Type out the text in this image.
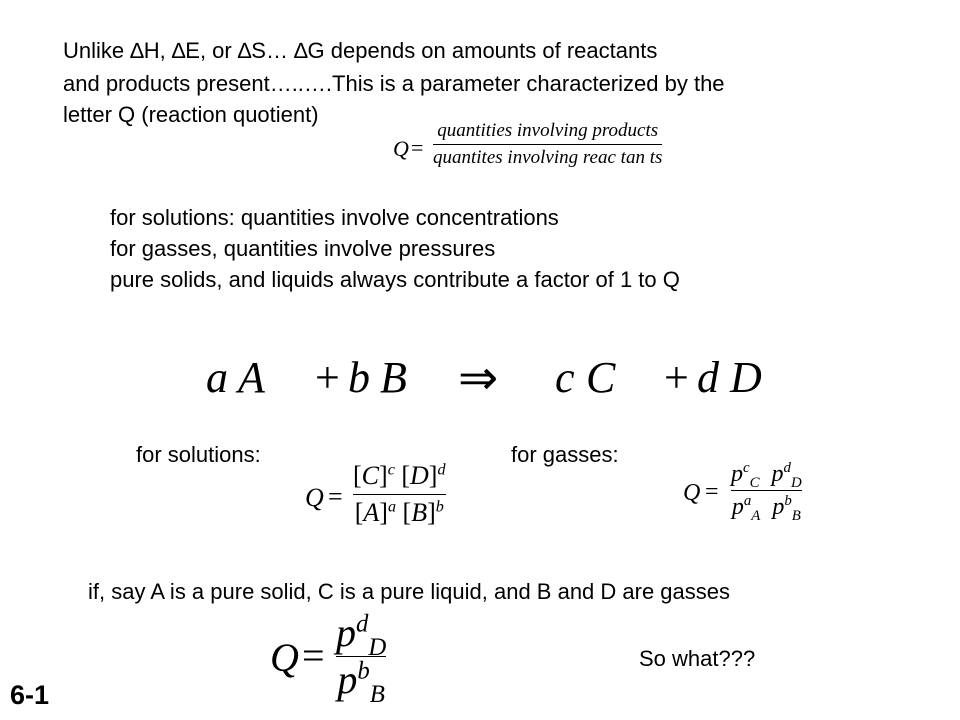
Unlike ∆H, ∆E, or ∆S… ∆G depends on amounts of reactants
and products present…..….This is a parameter characterized by the
letter Q (reaction quotient)
Q =
quantities involving products
quantites involving reac tan ts
for solutions: quantities involve concentrations
for gasses, quantities involve pressures
pure solids, and liquids always contribute a factor of 1 to Q
a A + b B ⇒ c C + d D
for solutions:	for gasses:
Q =
$[C]^c$ $[D]^d$
$[A]^a$ $[B]^b$
Q =
$p^c_C$  $p^d_D$
$p^a_A$  $p^b_B$
if, say A is a pure solid, C is a pure liquid, and B and D are gasses
Q =
$p^d_D$
$p^b_B$
So what???
6-1
